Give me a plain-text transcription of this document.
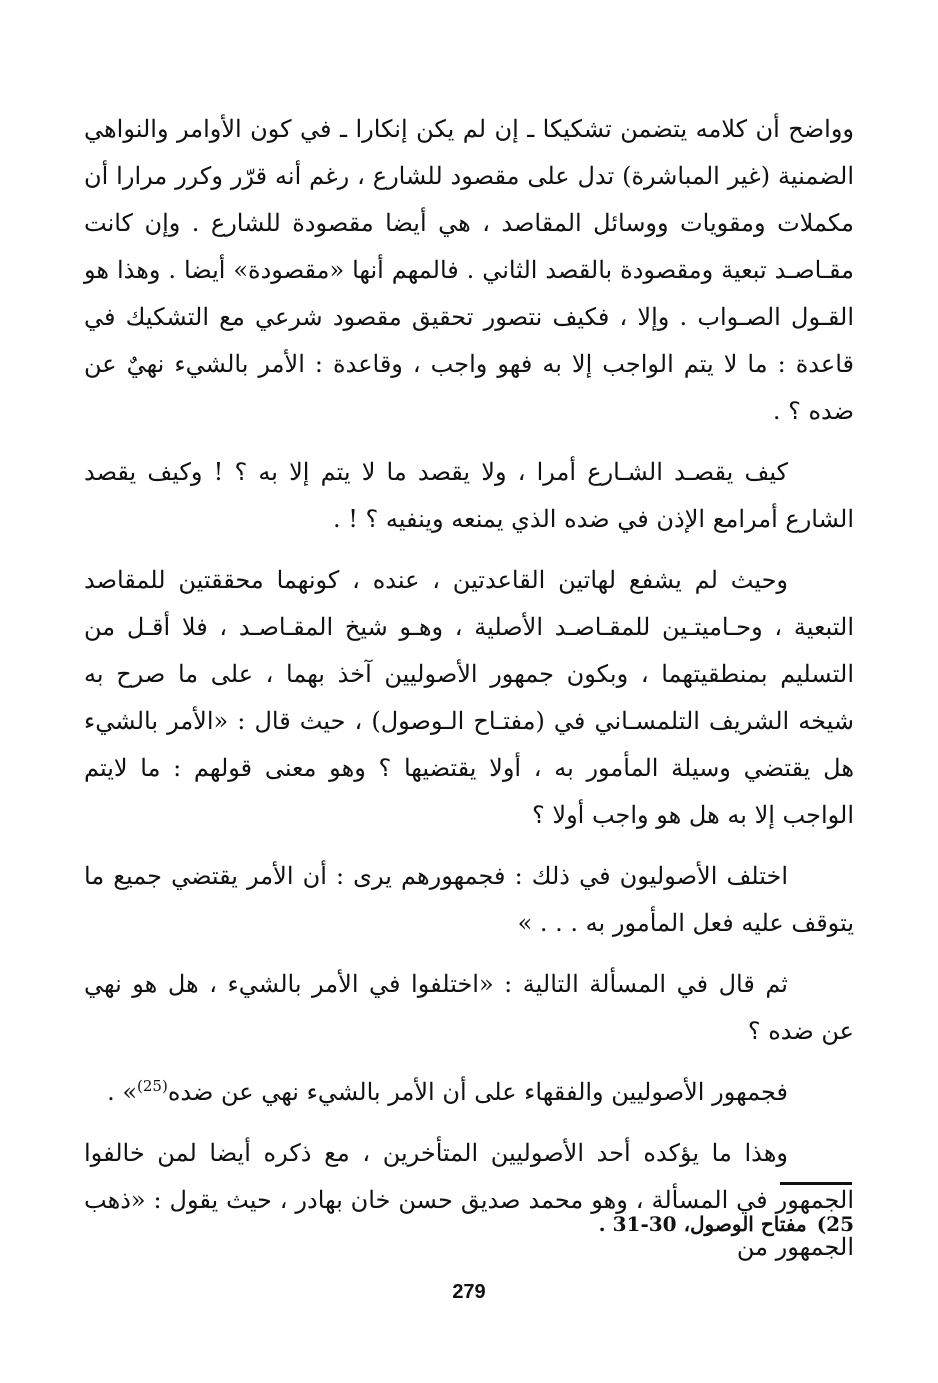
وواضح أن كلامه يتضمن تشكيكا ـ إن لم يكن إنكارا ـ في كون الأوامر والنواهي الضمنية (غير المباشرة) تدل على مقصود للشارع ، رغم أنه قرّر وكرر مرارا أن مكملات ومقويات ووسائل المقاصد ، هي أيضا مقصودة للشارع . وإن كانت مقـاصـد تبعية ومقصودة بالقصد الثاني . فالمهم أنها «مقصودة» أيضا . وهذا هو القـول الصـواب . وإلا ، فكيف نتصور تحقيق مقصود شرعي مع التشكيك في قاعدة : ما لا يتم الواجب إلا به فهو واجب ، وقاعدة : الأمر بالشيء نهيٌ عن ضده ؟ .

كيف يقصـد الشـارع أمرا ، ولا يقصد ما لا يتم إلا به ؟ ! وكيف يقصد الشارع أمرامع الإذن في ضده الذي يمنعه وينفيه ؟ ! .

وحيث لم يشفع لهاتين القاعدتين ، عنده ، كونهما محققتين للمقاصد التبعية ، وحـاميتـين للمقـاصـد الأصلية ، وهـو شيخ المقـاصـد ، فلا أقـل من التسليم بمنطقيتهما ، وبكون جمهور الأصوليين آخذ بهما ، على ما صرح به شيخه الشريف التلمسـاني في (مفتـاح الـوصول) ، حيث قال : «الأمر بالشيء هل يقتضي وسيلة المأمور به ، أولا يقتضيها ؟ وهو معنى قولهم : ما لايتم الواجب إلا به هل هو واجب أولا ؟

اختلف الأصوليون في ذلك : فجمهورهم يرى : أن الأمر يقتضي جميع ما يتوقف عليه فعل المأمور به . . . »

ثم قال في المسألة التالية : «اختلفوا في الأمر بالشيء ، هل هو نهي عن ضده ؟

فجمهور الأصوليين والفقهاء على أن الأمر بالشيء نهي عن ضده$^{(25)}$» .

وهذا ما يؤكده أحد الأصوليين المتأخرين ، مع ذكره أيضا لمن خالفوا الجمهور في المسألة ، وهو محمد صديق حسن خان بهادر ، حيث يقول : «ذهب الجمهور من

25)مفتاح الوصول، 30-31 .
279
